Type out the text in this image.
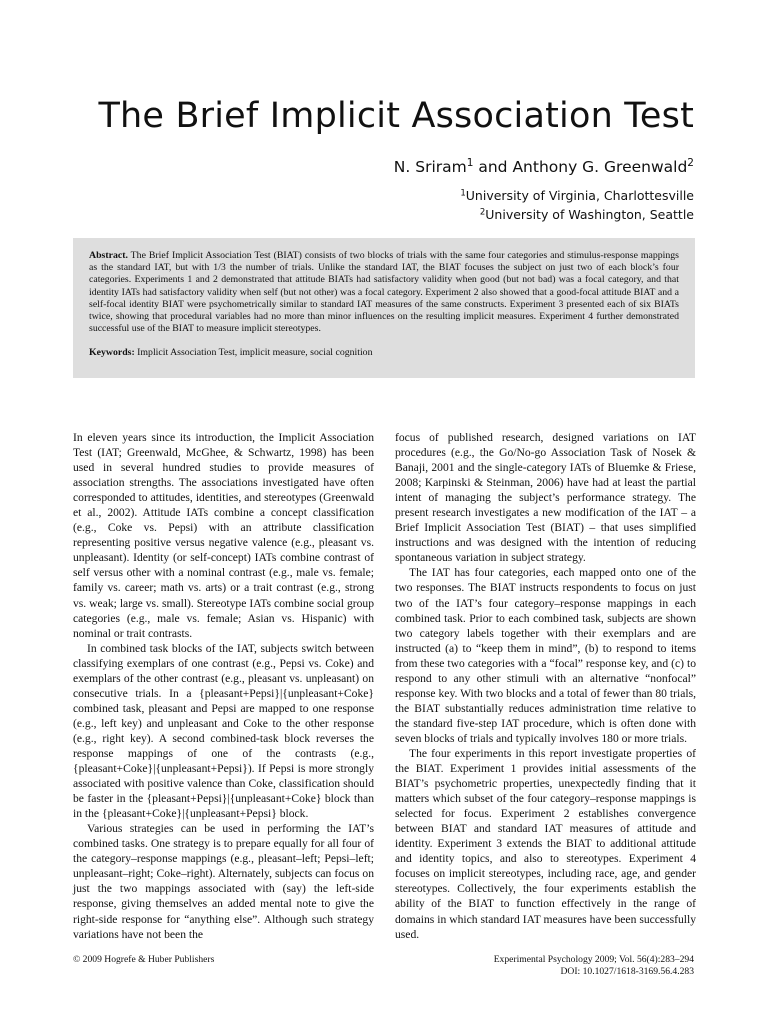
The Brief Implicit Association Test
N. Sriram$^1$ and Anthony G. Greenwald$^2$
$^1$University of Virginia, Charlottesville
$^2$University of Washington, Seattle

Abstract. The Brief Implicit Association Test (BIAT) consists of two blocks of trials with the same four categories and stimulus-response mappings as the standard IAT, but with 1/3 the number of trials. Unlike the standard IAT, the BIAT focuses the subject on just two of each block’s four categories. Experiments 1 and 2 demonstrated that attitude BIATs had satisfactory validity when good (but not bad) was a focal category, and that identity IATs had satisfactory validity when self (but not other) was a focal category. Experiment 2 also showed that a good-focal attitude BIAT and a self-focal identity BIAT were psychometrically similar to standard IAT measures of the same constructs. Experiment 3 presented each of six BIATs twice, showing that procedural variables had no more than minor influences on the resulting implicit measures. Experiment 4 further demonstrated successful use of the BIAT to measure implicit stereotypes.

Keywords: Implicit Association Test, implicit measure, social cognition

In eleven years since its introduction, the Implicit Association Test (IAT; Greenwald, McGhee, & Schwartz, 1998) has been used in several hundred studies to provide measures of association strengths. The associations investigated have often corresponded to attitudes, identities, and stereotypes (Greenwald et al., 2002). Attitude IATs combine a concept classification (e.g., Coke vs. Pepsi) with an attribute classification representing positive versus negative valence (e.g., pleasant vs. unpleasant). Identity (or self-concept) IATs combine contrast of self versus other with a nominal contrast (e.g., male vs. female; family vs. career; math vs. arts) or a trait contrast (e.g., strong vs. weak; large vs. small). Stereotype IATs combine social group categories (e.g., male vs. female; Asian vs. Hispanic) with nominal or trait contrasts.

In combined task blocks of the IAT, subjects switch between classifying exemplars of one contrast (e.g., Pepsi vs. Coke) and exemplars of the other contrast (e.g., pleasant vs. unpleasant) on consecutive trials. In a {pleasant+Pepsi}|{unpleasant+Coke} combined task, pleasant and Pepsi are mapped to one response (e.g., left key) and unpleasant and Coke to the other response (e.g., right key). A second combined-task block reverses the response mappings of one of the contrasts (e.g., {pleasant+Coke}|{unpleasant+Pepsi}). If Pepsi is more strongly associated with positive valence than Coke, classification should be faster in the {pleasant+Pepsi}|{unpleasant+Coke} block than in the {pleasant+Coke}|{unpleasant+Pepsi} block.

Various strategies can be used in performing the IAT’s combined tasks. One strategy is to prepare equally for all four of the category–response mappings (e.g., pleasant–left; Pepsi–left; unpleasant–right; Coke–right). Alternately, subjects can focus on just the two mappings associated with (say) the left-side response, giving themselves an added mental note to give the right-side response for “anything else”. Although such strategy variations have not been the

focus of published research, designed variations on IAT procedures (e.g., the Go/No-go Association Task of Nosek & Banaji, 2001 and the single-category IATs of Bluemke & Friese, 2008; Karpinski & Steinman, 2006) have had at least the partial intent of managing the subject’s performance strategy. The present research investigates a new modification of the IAT – a Brief Implicit Association Test (BIAT) – that uses simplified instructions and was designed with the intention of reducing spontaneous variation in subject strategy.

The IAT has four categories, each mapped onto one of the two responses. The BIAT instructs respondents to focus on just two of the IAT’s four category–response mappings in each combined task. Prior to each combined task, subjects are shown two category labels together with their exemplars and are instructed (a) to “keep them in mind”, (b) to respond to items from these two categories with a “focal” response key, and (c) to respond to any other stimuli with an alternative “nonfocal” response key. With two blocks and a total of fewer than 80 trials, the BIAT substantially reduces administration time relative to the standard five-step IAT procedure, which is often done with seven blocks of trials and typically involves 180 or more trials.

The four experiments in this report investigate properties of the BIAT. Experiment 1 provides initial assessments of the BIAT’s psychometric properties, unexpectedly finding that it matters which subset of the four category–response mappings is selected for focus. Experiment 2 establishes convergence between BIAT and standard IAT measures of attitude and identity. Experiment 3 extends the BIAT to additional attitude and identity topics, and also to stereotypes. Experiment 4 focuses on implicit stereotypes, including race, age, and gender stereotypes. Collectively, the four experiments establish the ability of the BIAT to function effectively in the range of domains in which standard IAT measures have been successfully used.

© 2009 Hogrefe & Huber Publishers	Experimental Psychology 2009; Vol. 56(4):283–294
DOI: 10.1027/1618-3169.56.4.283
